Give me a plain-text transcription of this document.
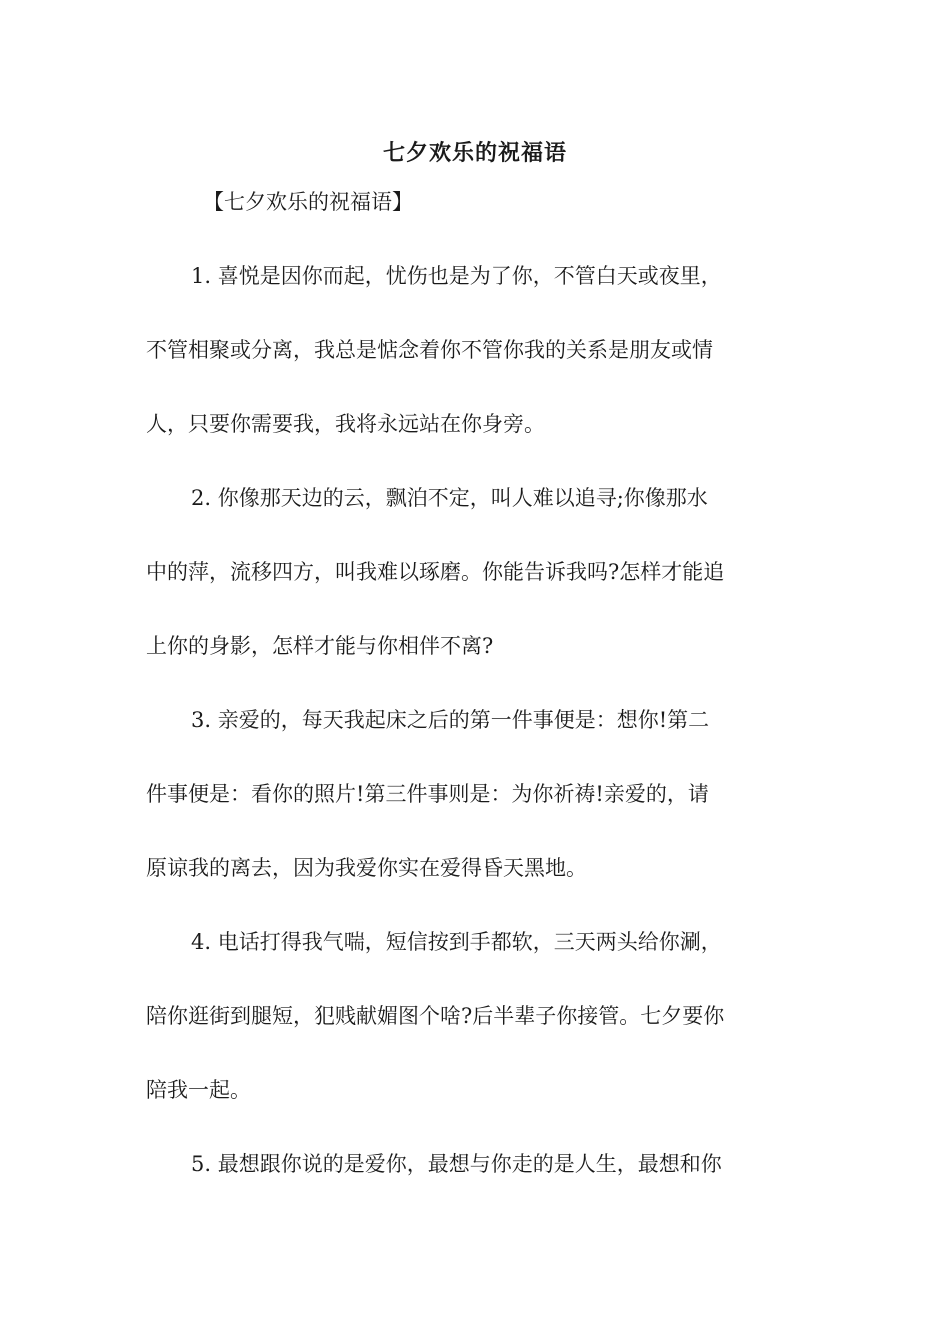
七夕欢乐的祝福语

【七夕欢乐的祝福语】

1. 喜悦是因你而起，忧伤也是为了你，不管白天或夜里，
不管相聚或分离，我总是惦念着你不管你我的关系是朋友或情
人，只要你需要我，我将永远站在你身旁。
2. 你像那天边的云，飘泊不定，叫人难以追寻;你像那水
中的萍，流移四方，叫我难以琢磨。你能告诉我吗?怎样才能追
上你的身影，怎样才能与你相伴不离?
3. 亲爱的，每天我起床之后的第一件事便是：想你!第二
件事便是：看你的照片!第三件事则是：为你祈祷!亲爱的，请
原谅我的离去，因为我爱你实在爱得昏天黑地。
4. 电话打得我气喘，短信按到手都软，三天两头给你涮，
陪你逛街到腿短，犯贱献媚图个啥?后半辈子你接管。七夕要你
陪我一起。
5. 最想跟你说的是爱你，最想与你走的是人生，最想和你
